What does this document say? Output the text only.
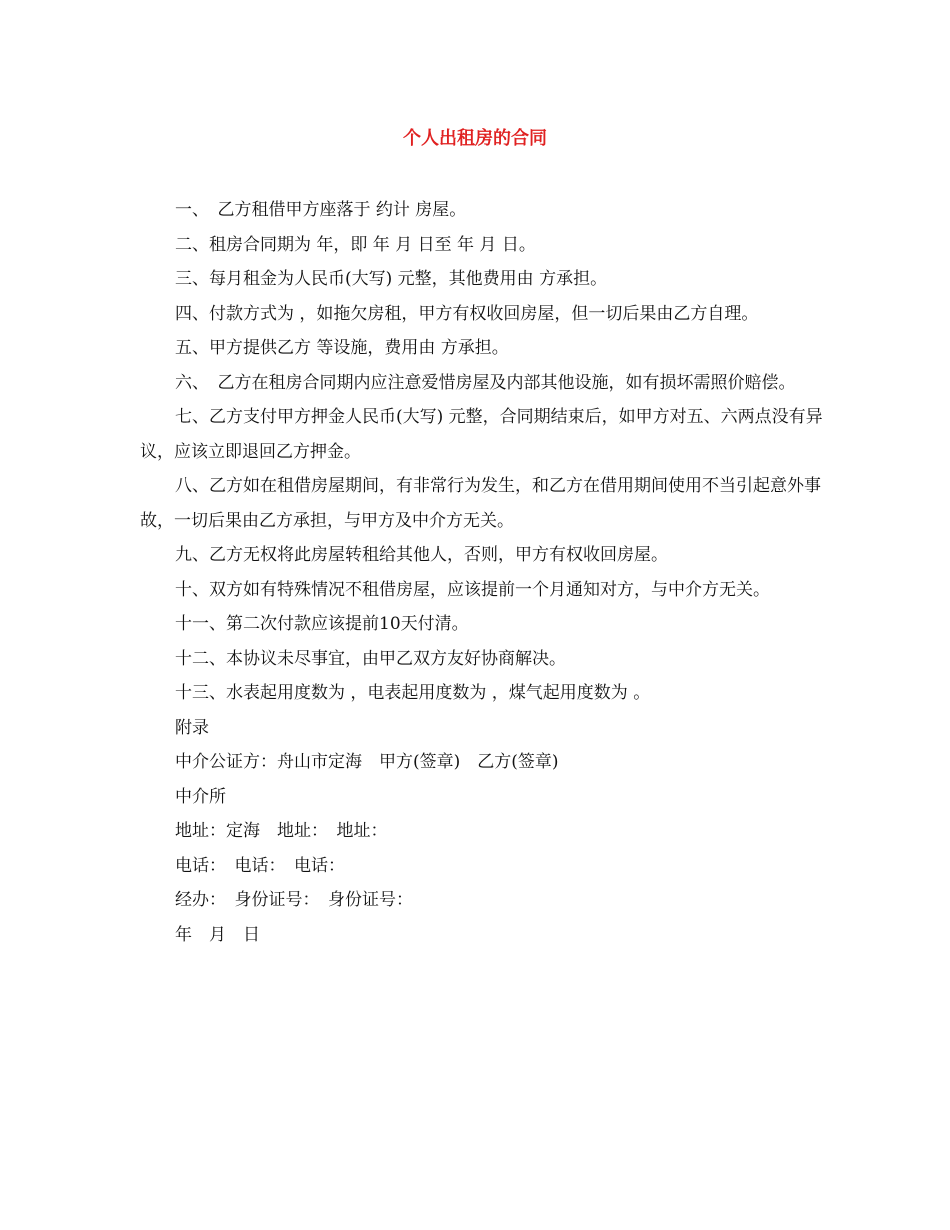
个人出租房的合同

一、　乙方租借甲方座落于 约计 房屋。

二、租房合同期为 年，即 年 月 日至 年 月 日。

三、每月租金为人民币(大写) 元整，其他费用由 方承担。

四、付款方式为 ，如拖欠房租，甲方有权收回房屋，但一切后果由乙方自理。

五、甲方提供乙方 等设施，费用由 方承担。

六、　乙方在租房合同期内应注意爱惜房屋及内部其他设施，如有损坏需照价赔偿。

七、乙方支付甲方押金人民币(大写) 元整，合同期结束后，如甲方对五、六两点没有异议，应该立即退回乙方押金。

八、乙方如在租借房屋期间，有非常行为发生，和乙方在借用期间使用不当引起意外事故，一切后果由乙方承担，与甲方及中介方无关。

九、乙方无权将此房屋转租给其他人，否则，甲方有权收回房屋。

十、双方如有特殊情况不租借房屋，应该提前一个月通知对方，与中介方无关。

十一、第二次付款应该提前10天付清。

十二、本协议未尽事宜，由甲乙双方友好协商解决。

十三、水表起用度数为 ，电表起用度数为 ，煤气起用度数为 。

附录

中介公证方：舟山市定海　甲方(签章)　乙方(签章)

中介所

地址：定海　地址：　地址：

电话：　电话：　电话：

经办：　身份证号：　身份证号：

年　月　日
